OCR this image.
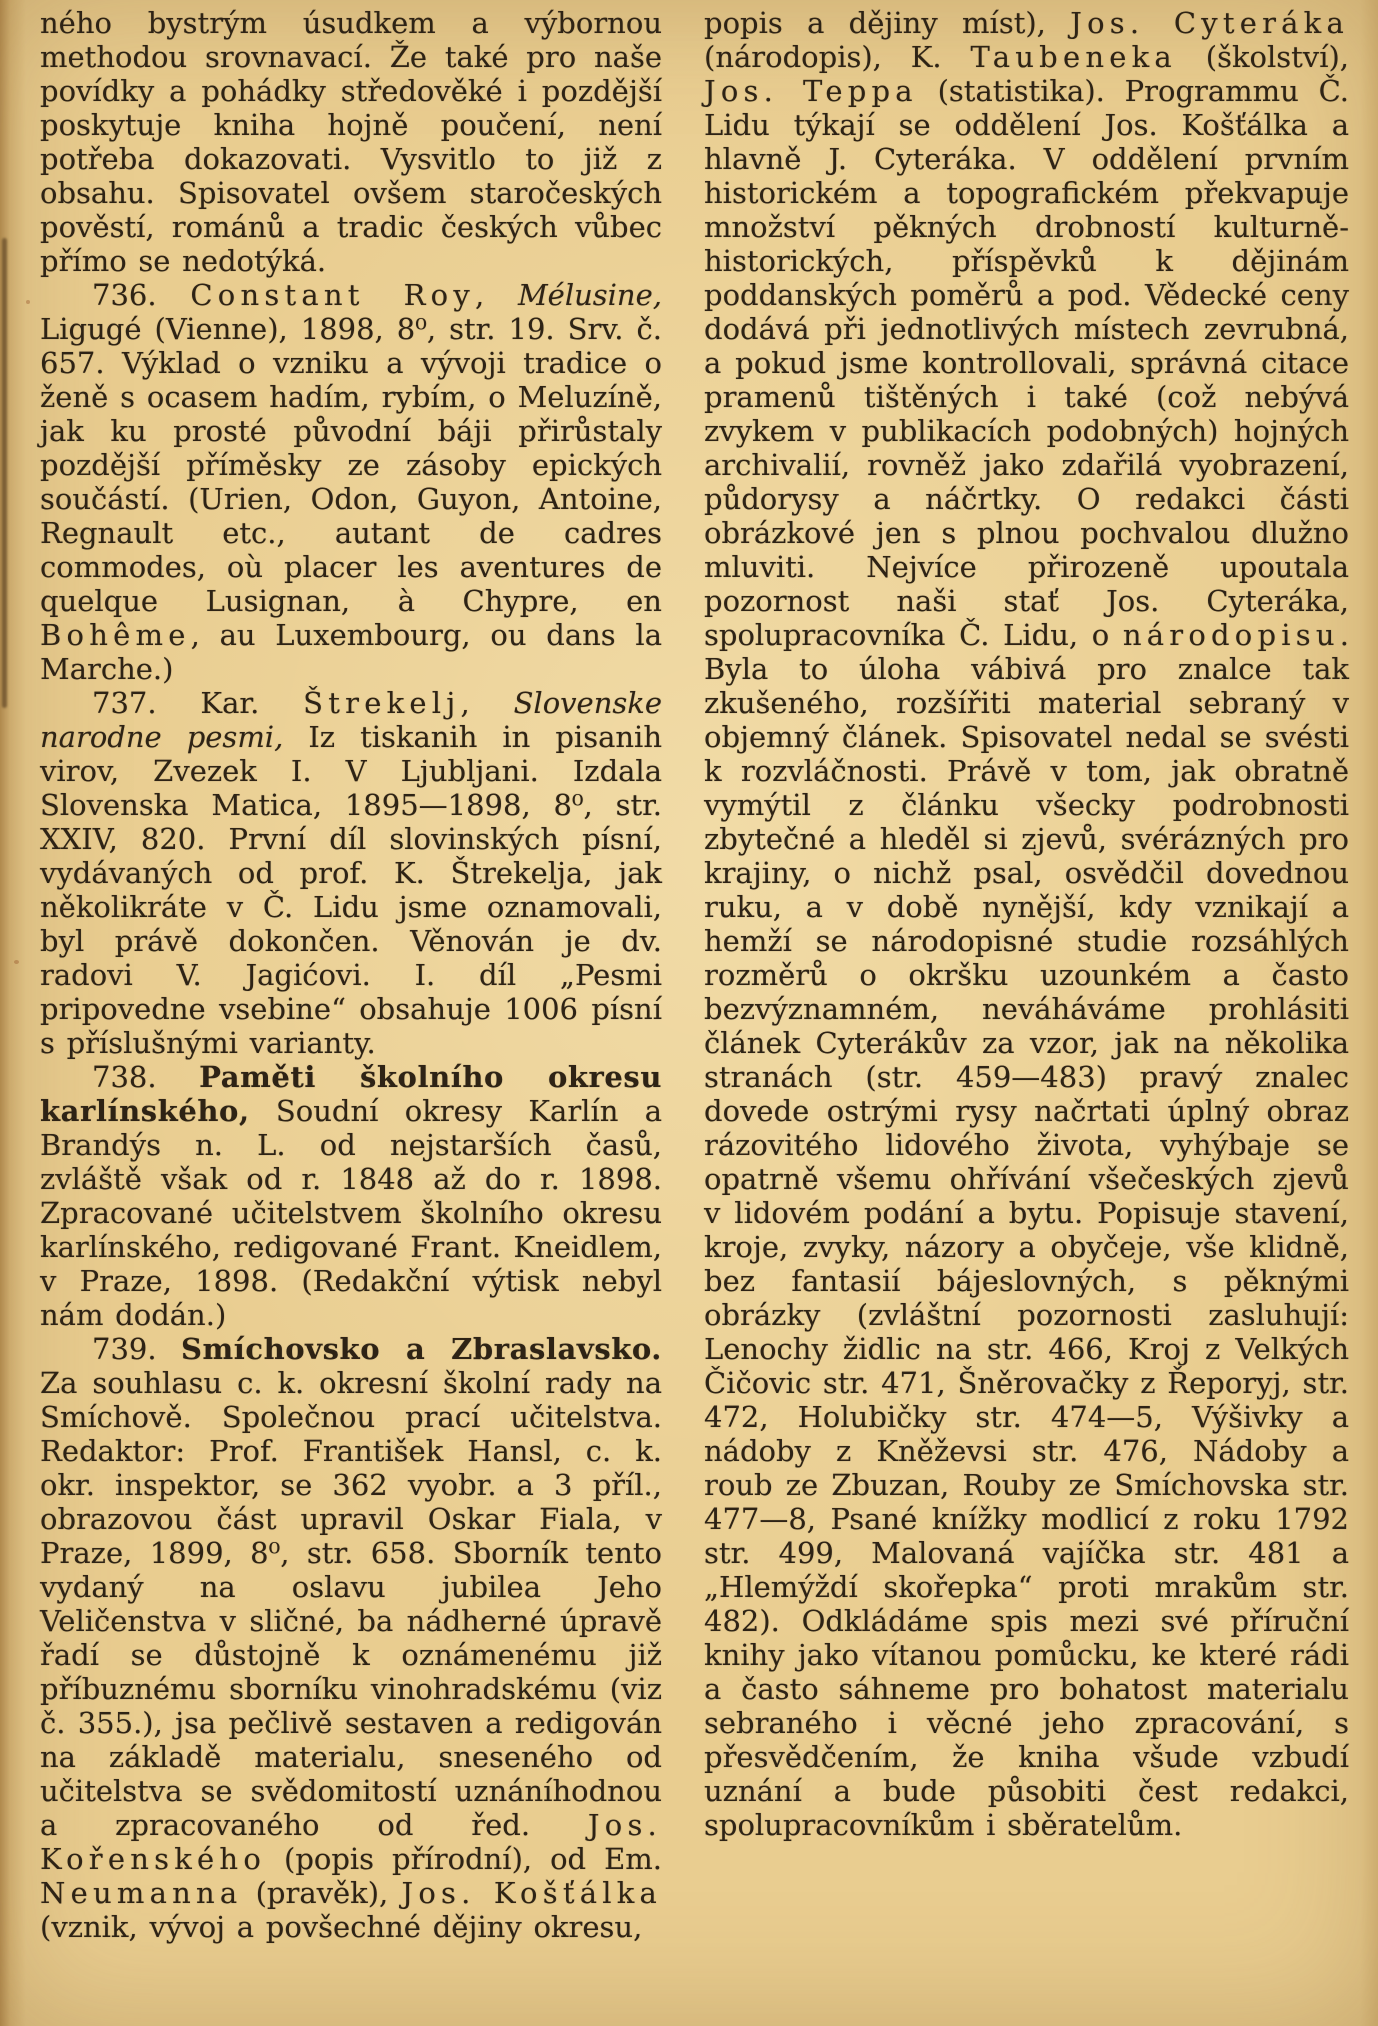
ného bystrým úsudkem a výbornou methodou srovnavací. Že také pro naše povídky a pohádky středověké i pozdější poskytuje kniha hojně poučení, není potřeba dokazovati. Vysvitlo to již z obsahu. Spisovatel ovšem staročeských pověstí, románů a tradic českých vůbec přímo se nedotýká.

736. Constant Roy, Mélusine, Ligugé (Vienne), 1898, 8⁰, str. 19. Srv. č. 657. Výklad o vzniku a vývoji tradice o ženě s ocasem hadím, rybím, o Meluzíně, jak ku prosté původní báji přirůstaly pozdější příměsky ze zásoby epických součástí. (Urien, Odon, Guyon, Antoine, Regnault etc., autant de cadres commodes, où placer les aventures de quelque Lusignan, à Chypre, en Bohême, au Luxembourg, ou dans la Marche.)

737. Kar. Štrekelj, Slovenske narodne pesmi, Iz tiskanih in pisanih virov, Zvezek I. V Ljubljani. Izdala Slovenska Matica, 1895—1898, 8⁰, str. XXIV, 820. První díl slovinských písní, vydávaných od prof. K. Štrekelja, jak několikráte v Č. Lidu jsme oznamovali, byl právě dokončen. Věnován je dv. radovi V. Jagićovi. I. díl „Pesmi pripovedne vsebine“ obsahuje 1006 písní s příslušnými varianty.

738. Paměti školního okresu karlínského, Soudní okresy Karlín a Brandýs n. L. od nejstarších časů, zvláště však od r. 1848 až do r. 1898. Zpracované učitelstvem školního okresu karlínského, redigované Frant. Kneidlem, v Praze, 1898. (Redakční výtisk nebyl nám dodán.)

739. Smíchovsko a Zbraslavsko. Za souhlasu c. k. okresní školní rady na Smíchově. Společnou prací učitelstva. Redaktor: Prof. František Hansl, c. k. okr. inspektor, se 362 vyobr. a 3 příl., obrazovou část upravil Oskar Fiala, v Praze, 1899, 8⁰, str. 658. Sborník tento vydaný na oslavu jubilea Jeho Veličenstva v sličné, ba nádherné úpravě řadí se důstojně k oznámenému již příbuznému sborníku vinohradskému (viz č. 355.), jsa pečlivě sestaven a redigován na základě materialu, sneseného od učitelstva se svědomitostí uznáníhodnou a zpracovaného od řed. Jos. Kořenského (popis přírodní), od Em. Neumanna (pravěk), Jos. Košťálka (vznik, vývoj a povšechné dějiny okresu,

popis a dějiny míst), Jos. Cyteráka (národopis), K. Taubeneka (školství), Jos. Teppa (statistika). Programmu Č. Lidu týkají se oddělení Jos. Košťálka a hlavně J. Cyteráka. V oddělení prvním historickém a topografickém překvapuje množství pěkných drobností kulturně-historických, příspěvků k dějinám poddanských poměrů a pod. Vědecké ceny dodává při jednotlivých místech zevrubná, a pokud jsme kontrollovali, správná citace pramenů tištěných i také (což nebývá zvykem v publikacích podobných) hojných archivalií, rovněž jako zdařilá vyobrazení, půdorysy a náčrtky. O redakci části obrázkové jen s plnou pochvalou dlužno mluviti. Nejvíce přirozeně upoutala pozornost naši stať Jos. Cyteráka, spolupracovníka Č. Lidu, o národopisu. Byla to úloha vábivá pro znalce tak zkušeného, rozšířiti material sebraný v objemný článek. Spisovatel nedal se svésti k rozvláčnosti. Právě v tom, jak obratně vymýtil z článku všecky podrobnosti zbytečné a hleděl si zjevů, svérázných pro krajiny, o nichž psal, osvědčil dovednou ruku, a v době nynější, kdy vznikají a hemží se národopisné studie rozsáhlých rozměrů o okršku uzounkém a často bezvýznamném, neváháváme prohlásiti článek Cyterákův za vzor, jak na několika stranách (str. 459—483) pravý znalec dovede ostrými rysy načrtati úplný obraz rázovitého lidového života, vyhýbaje se opatrně všemu ohřívání všečeských zjevů v lidovém podání a bytu. Popisuje stavení, kroje, zvyky, názory a obyčeje, vše klidně, bez fantasií bájeslovných, s pěknými obrázky (zvláštní pozornosti zasluhují: Lenochy židlic na str. 466, Kroj z Velkých Čičovic str. 471, Šněrovačky z Řeporyj, str. 472, Holubičky str. 474—5, Výšivky a nádoby z Kněževsi str. 476, Nádoby a roub ze Zbuzan, Rouby ze Smíchovska str. 477—8, Psané knížky modlicí z roku 1792 str. 499, Malovaná vajíčka str. 481 a „Hlemýždí skořepka“ proti mrakům str. 482). Odkládáme spis mezi své příruční knihy jako vítanou pomůcku, ke které rádi a často sáhneme pro bohatost materialu sebraného i věcné jeho zpracování, s přesvědčením, že kniha všude vzbudí uznání a bude působiti čest redakci, spolupracovníkům i sběratelům.
